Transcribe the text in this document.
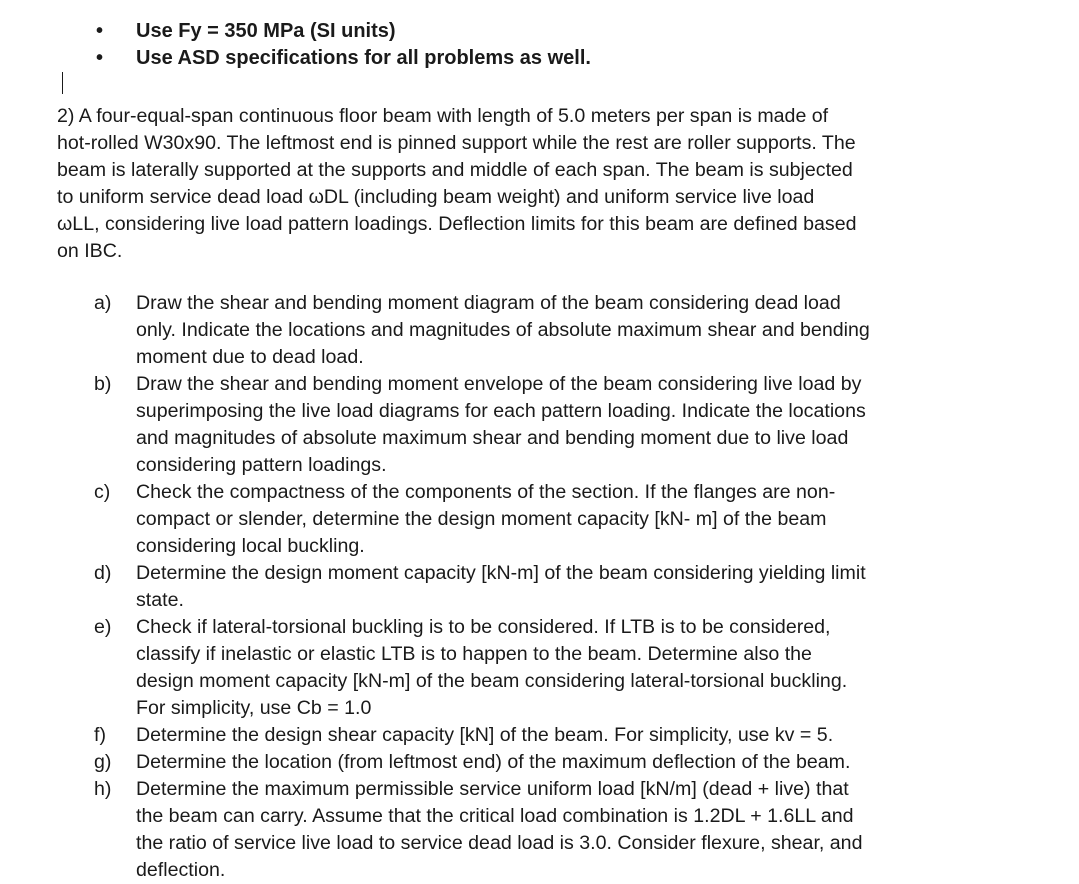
• Use Fy = 350 MPa (SI units)
• Use ASD specifications for all problems as well.

2) A four-equal-span continuous floor beam with length of 5.0 meters per span is made of
hot-rolled W30x90. The leftmost end is pinned support while the rest are roller supports. The
beam is laterally supported at the supports and middle of each span. The beam is subjected
to uniform service dead load ωDL (including beam weight) and uniform service live load
ωLL, considering live load pattern loadings. Deflection limits for this beam are defined based
on IBC.

a) Draw the shear and bending moment diagram of the beam considering dead load
only. Indicate the locations and magnitudes of absolute maximum shear and bending
moment due to dead load.
b) Draw the shear and bending moment envelope of the beam considering live load by
superimposing the live load diagrams for each pattern loading. Indicate the locations
and magnitudes of absolute maximum shear and bending moment due to live load
considering pattern loadings.
c) Check the compactness of the components of the section. If the flanges are non-
compact or slender, determine the design moment capacity [kN- m] of the beam
considering local buckling.
d) Determine the design moment capacity [kN-m] of the beam considering yielding limit
state.
e) Check if lateral-torsional buckling is to be considered. If LTB is to be considered,
classify if inelastic or elastic LTB is to happen to the beam. Determine also the
design moment capacity [kN-m] of the beam considering lateral-torsional buckling.
For simplicity, use Cb = 1.0
f) Determine the design shear capacity [kN] of the beam. For simplicity, use kv = 5.
g) Determine the location (from leftmost end) of the maximum deflection of the beam.
h) Determine the maximum permissible service uniform load [kN/m] (dead + live) that
the beam can carry. Assume that the critical load combination is 1.2DL + 1.6LL and
the ratio of service live load to service dead load is 3.0. Consider flexure, shear, and
deflection.
